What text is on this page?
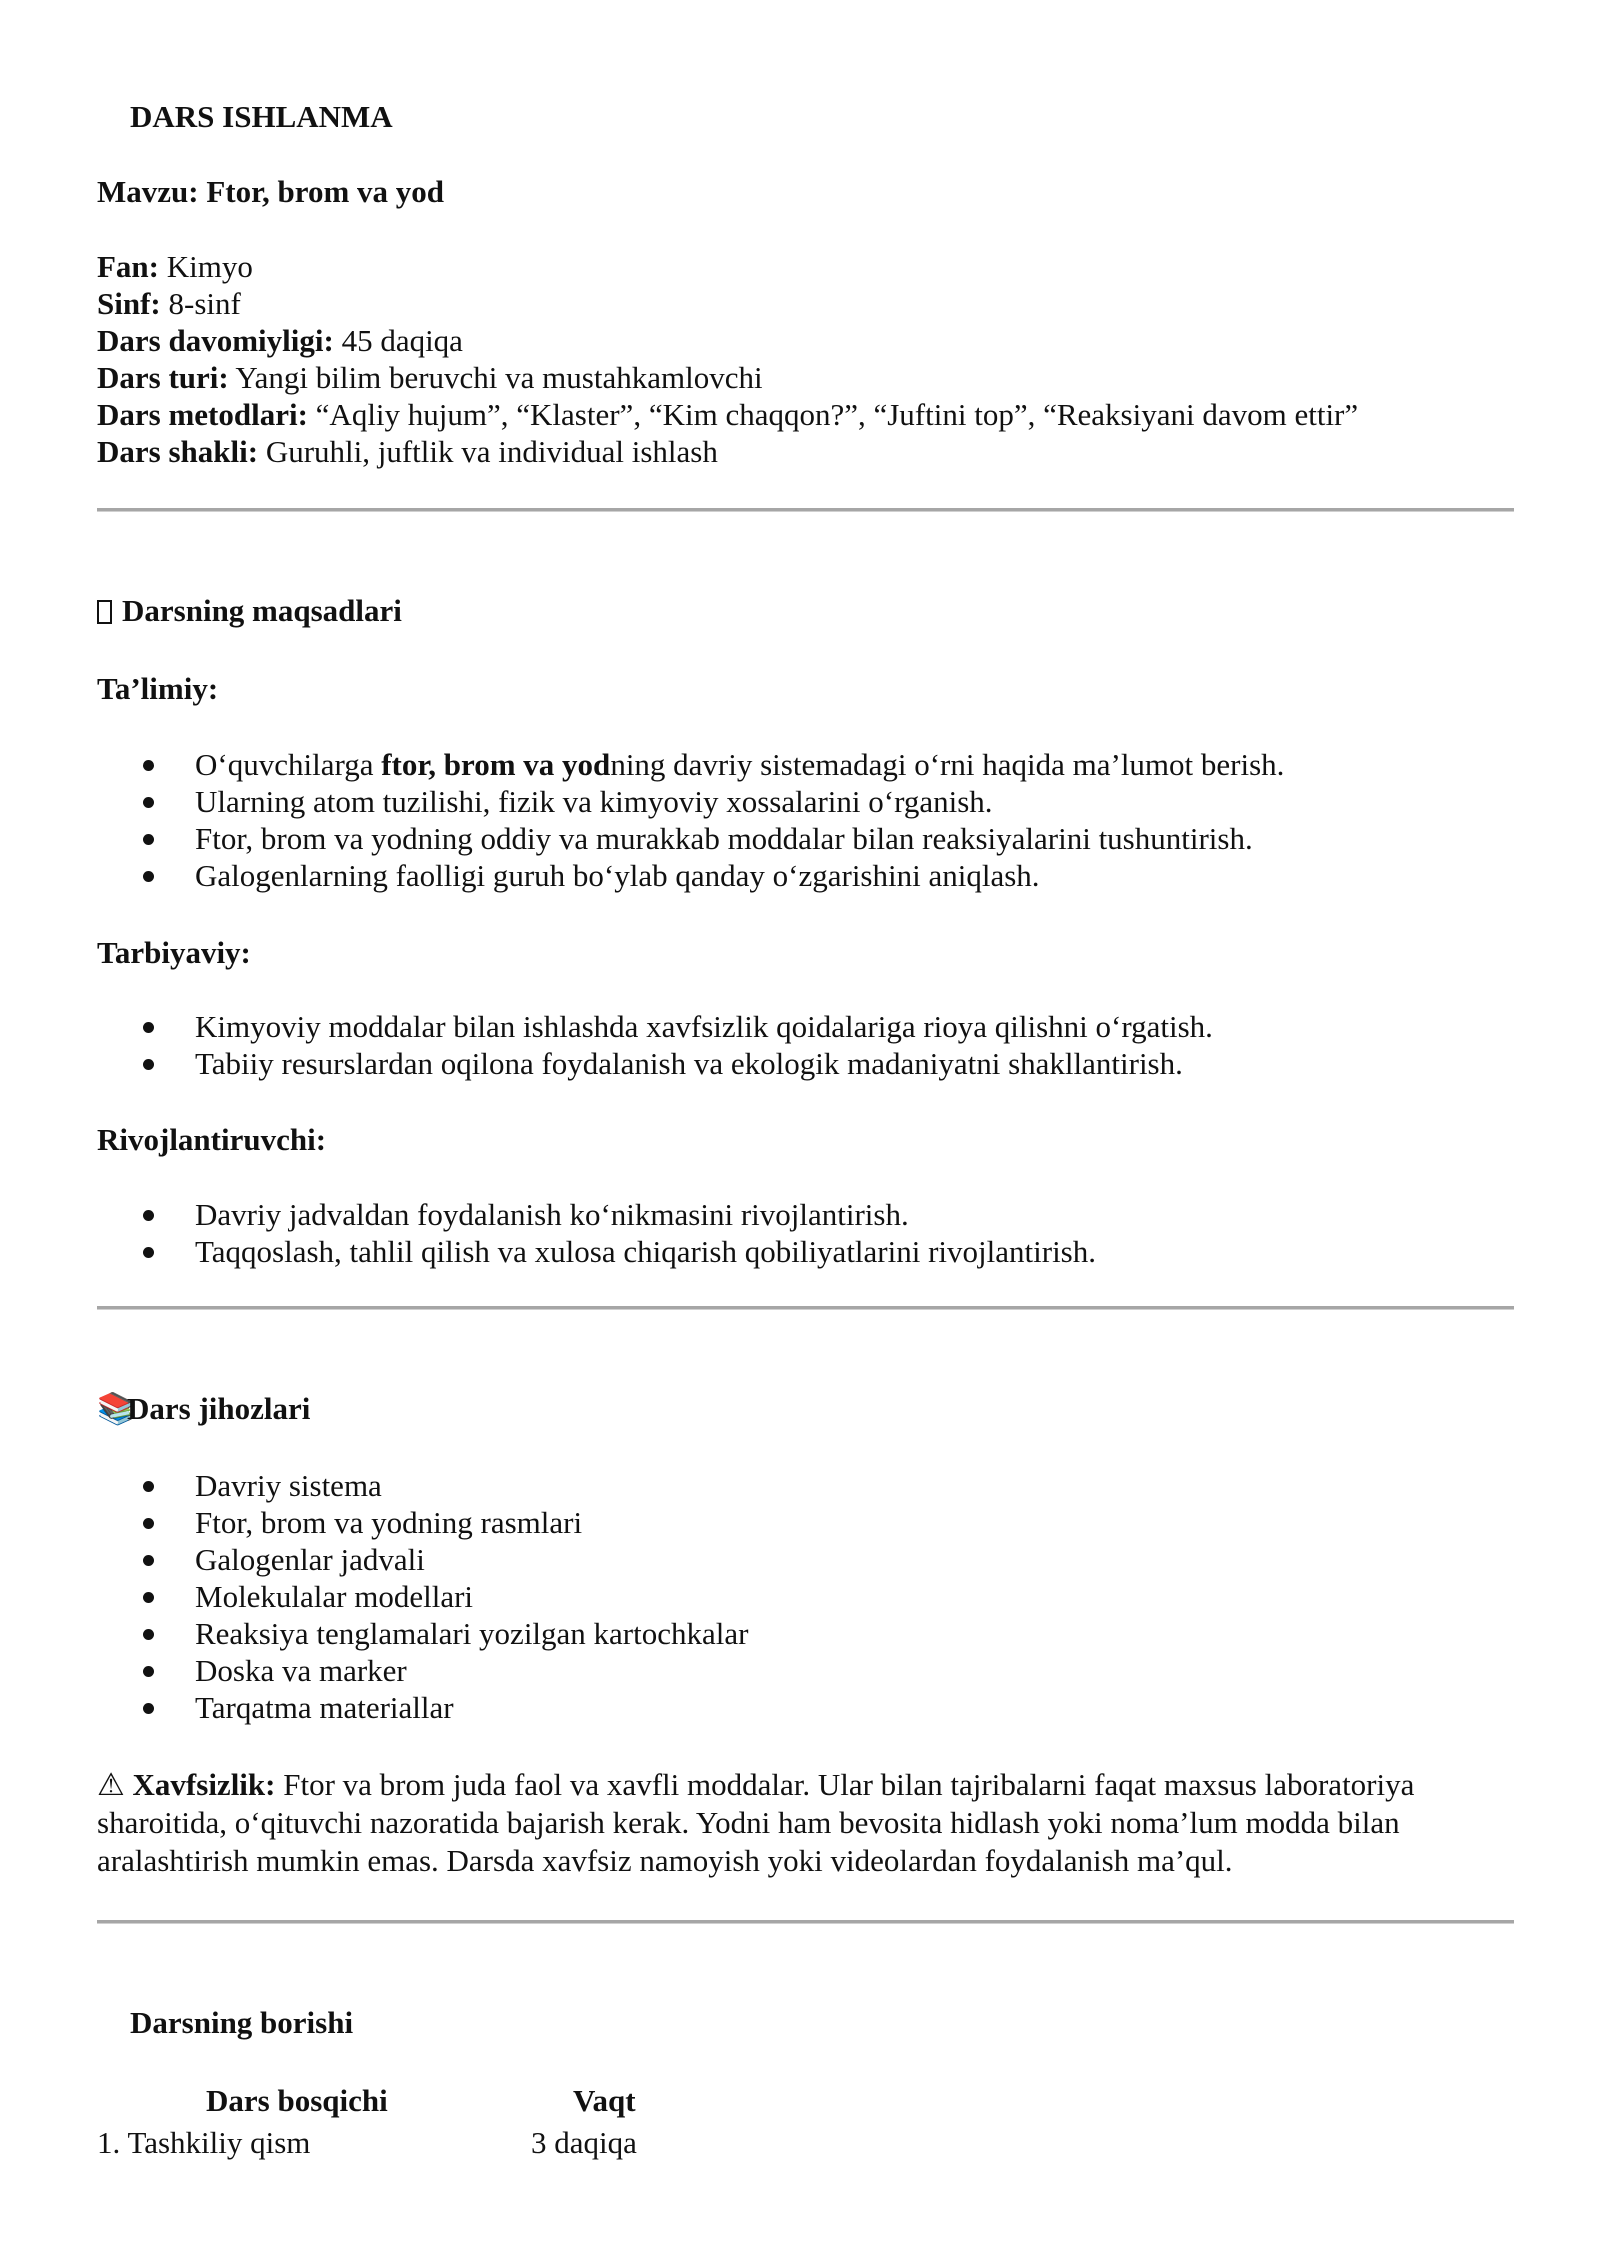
DARS ISHLANMA
Mavzu: Ftor, brom va yod
Fan: Kimyo
Sinf: 8-sinf
Dars davomiyligi: 45 daqiqa
Dars turi: Yangi bilim beruvchi va mustahkamlovchi
Dars metodlari: “Aqliy hujum”, “Klaster”, “Kim chaqqon?”, “Juftini top”, “Reaksiyani davom ettir”
Dars shakli: Guruhli, juftlik va individual ishlash
Darsning maqsadlari
Ta’limiy:
O‘quvchilarga ftor, brom va yodning davriy sistemadagi o‘rni haqida ma’lumot berish.
Ularning atom tuzilishi, fizik va kimyoviy xossalarini o‘rganish.
Ftor, brom va yodning oddiy va murakkab moddalar bilan reaksiyalarini tushuntirish.
Galogenlarning faolligi guruh bo‘ylab qanday o‘zgarishini aniqlash.
Tarbiyaviy:
Kimyoviy moddalar bilan ishlashda xavfsizlik qoidalariga rioya qilishni o‘rgatish.
Tabiiy resurslardan oqilona foydalanish va ekologik madaniyatni shakllantirish.
Rivojlantiruvchi:
Davriy jadvaldan foydalanish ko‘nikmasini rivojlantirish.
Taqqoslash, tahlil qilish va xulosa chiqarish qobiliyatlarini rivojlantirish.
📚Dars jihozlari
Davriy sistema
Ftor, brom va yodning rasmlari
Galogenlar jadvali
Molekulalar modellari
Reaksiya tenglamalari yozilgan kartochkalar
Doska va marker
Tarqatma materiallar
⚠ Xavfsizlik: Ftor va brom juda faol va xavfli moddalar. Ular bilan tajribalarni faqat maxsus laboratoriya sharoitida, o‘qituvchi nazoratida bajarish kerak. Yodni ham bevosita hidlash yoki noma’lum modda bilan aralashtirish mumkin emas. Darsda xavfsiz namoyish yoki videolardan foydalanish ma’qul.
Darsning borishi
Dars bosqichi	Vaqt
1. Tashkiliy qism	3 daqiqa
